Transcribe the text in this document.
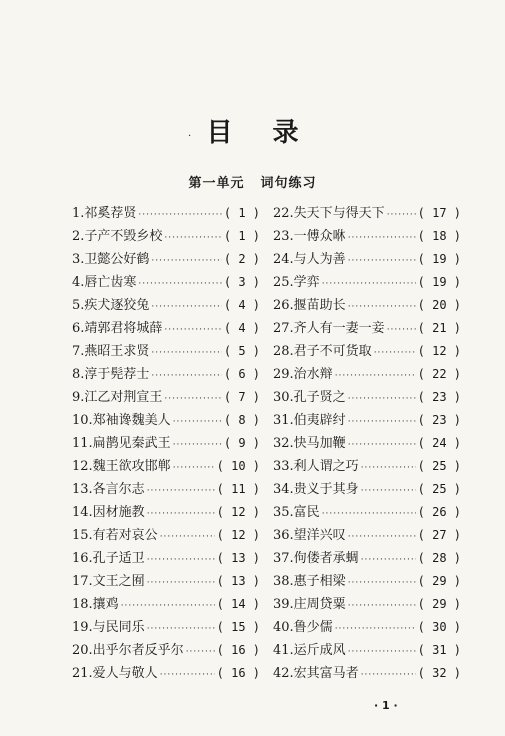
. 目录
第一单元 词句练习
1.祁奚荐贤 ·····	( 1 )
2.子产不毁乡校 ·····	( 1 )
3.卫懿公好鹤 ·····	( 2 )
4.唇亡齿寒 ·····	( 3 )
5.疾犬逐狡兔 ·····	( 4 )
6.靖郭君将城薛 ·····	( 4 )
7.燕昭王求贤 ·····	( 5 )
8.淳于髡荐士 ·····	( 6 )
9.江乙对荆宣王 ·····	( 7 )
10.郑袖谗魏美人 ·····	( 8 )
11.扁鹊见秦武王 ·····	( 9 )
12.魏王欲攻邯郸 ·····	( 10 )
13.各言尔志 ·····	( 11 )
14.因材施教 ·····	( 12 )
15.有若对哀公 ·····	( 12 )
16.孔子适卫 ·····	( 13 )
17.文王之囿 ·····	( 13 )
18.攘鸡 ·····	( 14 )
19.与民同乐 ·····	( 15 )
20.出乎尔者反乎尔 ·····	( 16 )
21.爱人与敬人 ·····	( 16 )
22.失天下与得天下 ·····	( 17 )
23.一傅众咻 ·····	( 18 )
24.与人为善 ·····	( 19 )
25.学弈 ·····	( 19 )
26.揠苗助长 ·····	( 20 )
27.齐人有一妻一妾 ·····	( 21 )
28.君子不可货取 ·····	( 12 )
29.治水辩 ·····	( 22 )
30.孔子贤之 ·····	( 23 )
31.伯夷辟纣 ·····	( 23 )
32.快马加鞭 ·····	( 24 )
33.利人谓之巧 ·····	( 25 )
34.贵义于其身 ·····	( 25 )
35.富民 ·····	( 26 )
36.望洋兴叹 ·····	( 27 )
37.佝偻者承蜩 ·····	( 28 )
38.惠子相梁 ·····	( 29 )
39.庄周贷粟 ·····	( 29 )
40.鲁少儒 ·····	( 30 )
41.运斤成风 ·····	( 31 )
42.宏其富马者 ·····	( 32 )
· 1 ·
